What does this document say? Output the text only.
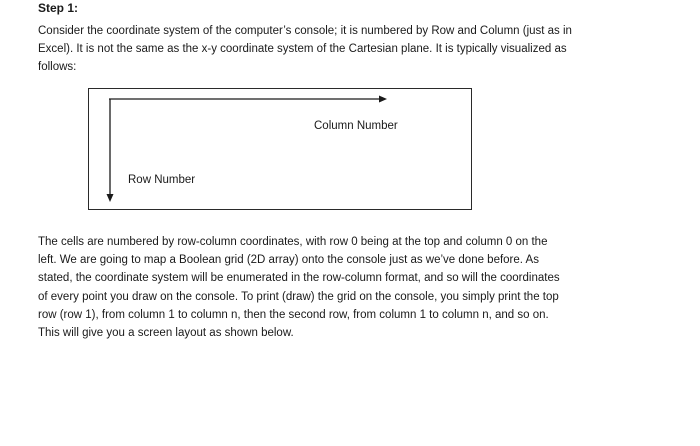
Step 1:

Consider the coordinate system of the computer’s console; it is numbered by Row and Column (just as in
Excel). It is not the same as the x-y coordinate system of the Cartesian plane. It is typically visualized as
follows:

Column Number
Row Number

The cells are numbered by row-column coordinates, with row 0 being at the top and column 0 on the
left. We are going to map a Boolean grid (2D array) onto the console just as we’ve done before. As
stated, the coordinate system will be enumerated in the row-column format, and so will the coordinates
of every point you draw on the console. To print (draw) the grid on the console, you simply print the top
row (row 1), from column 1 to column n, then the second row, from column 1 to column n, and so on.
This will give you a screen layout as shown below.
